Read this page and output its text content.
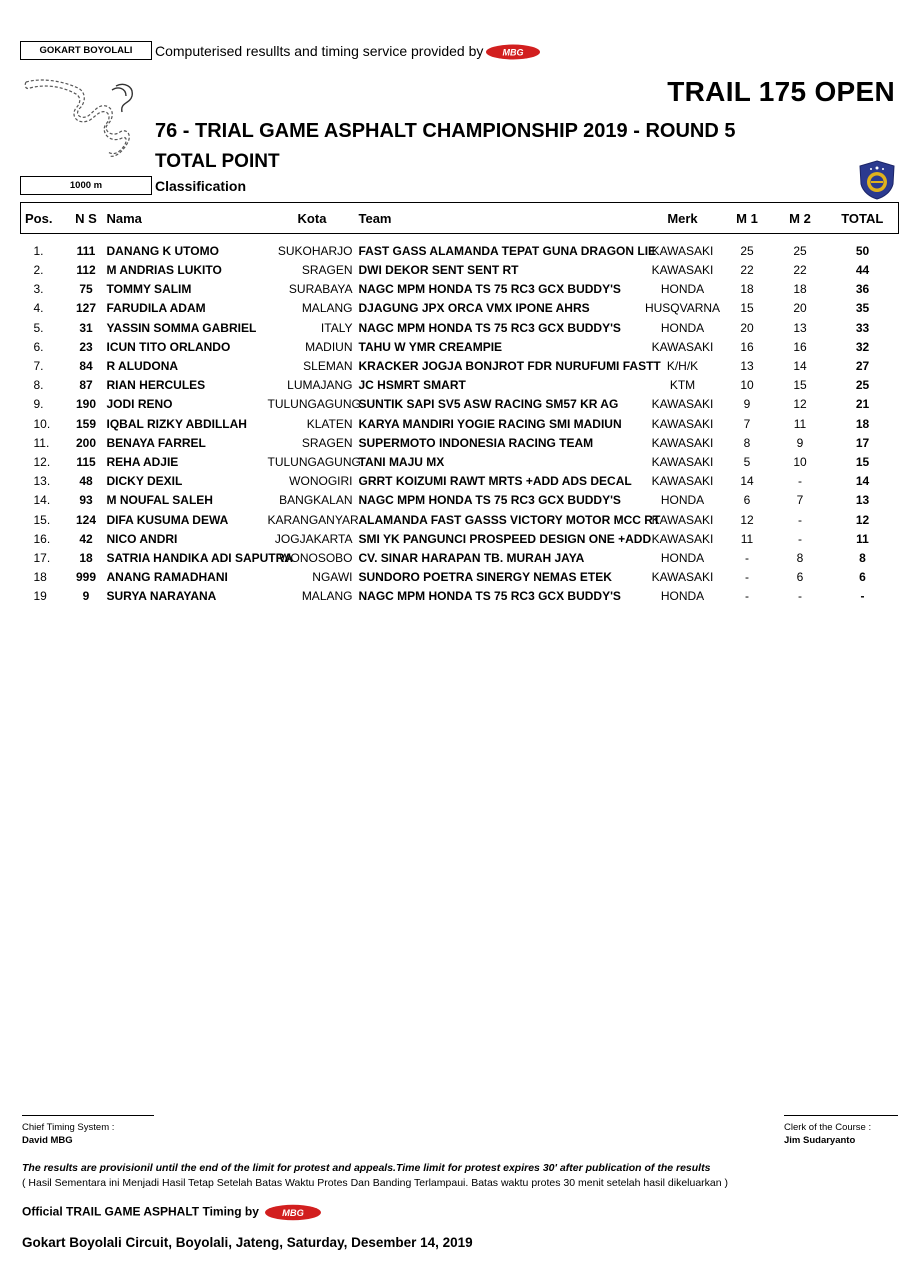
GOKART BOYOLALI	Computerised resullts and timing service provided by MBG
TRAIL 175 OPEN
76 - TRIAL GAME ASPHALT CHAMPIONSHIP 2019 - ROUND 5
TOTAL POINT
1000 m	Classification
Pos.	N S	Nama	Kota	Team	Merk	M 1	M 2	TOTAL
1.	111	DANANG K UTOMO	SUKOHARJO	FAST GASS ALAMANDA TEPAT GUNA DRAGON LIE	KAWASAKI	25	25	50
2.	112	M ANDRIAS LUKITO	SRAGEN	DWI DEKOR SENT SENT RT	KAWASAKI	22	22	44
3.	75	TOMMY SALIM	SURABAYA	NAGC MPM HONDA TS 75 RC3 GCX BUDDY'S	HONDA	18	18	36
4.	127	FARUDILA ADAM	MALANG	DJAGUNG JPX ORCA VMX IPONE AHRS	HUSQVARNA	15	20	35
5.	31	YASSIN SOMMA GABRIEL	ITALY	NAGC MPM HONDA TS 75 RC3 GCX BUDDY'S	HONDA	20	13	33
6.	23	ICUN TITO ORLANDO	MADIUN	TAHU W YMR CREAMPIE	KAWASAKI	16	16	32
7.	84	R ALUDONA	SLEMAN	KRACKER JOGJA BONJROT FDR NURUFUMI FASTT	K/H/K	13	14	27
8.	87	RIAN HERCULES	LUMAJANG	JC HSMRT SMART	KTM	10	15	25
9.	190	JODI RENO	TULUNGAGUNG	SUNTIK SAPI SV5 ASW RACING SM57 KR AG	KAWASAKI	9	12	21
10.	159	IQBAL RIZKY ABDILLAH	KLATEN	KARYA MANDIRI YOGIE RACING SMI MADIUN	KAWASAKI	7	11	18
11.	200	BENAYA FARREL	SRAGEN	SUPERMOTO INDONESIA RACING TEAM	KAWASAKI	8	9	17
12.	115	REHA ADJIE	TULUNGAGUNG	TANI MAJU MX	KAWASAKI	5	10	15
13.	48	DICKY DEXIL	WONOGIRI	GRRT KOIZUMI RAWT MRTS +ADD ADS DECAL	KAWASAKI	14	-	14
14.	93	M NOUFAL SALEH	BANGKALAN	NAGC MPM HONDA TS 75 RC3 GCX BUDDY'S	HONDA	6	7	13
15.	124	DIFA KUSUMA DEWA	KARANGANYAR	ALAMANDA FAST GASSS VICTORY MOTOR MCC RT	KAWASAKI	12	-	12
16.	42	NICO ANDRI	JOGJAKARTA	SMI YK PANGUNCI PROSPEED DESIGN ONE +ADD	KAWASAKI	11	-	11
17.	18	SATRIA HANDIKA ADI SAPUTRA	WONOSOBO	CV. SINAR HARAPAN TB. MURAH JAYA	HONDA	-	8	8
18	999	ANANG RAMADHANI	NGAWI	SUNDORO POETRA SINERGY NEMAS ETEK	KAWASAKI	-	6	6
19	9	SURYA NARAYANA	MALANG	NAGC MPM HONDA TS 75 RC3 GCX BUDDY'S	HONDA	-	-	-
Chief Timing System :
David MBG
Clerk of the Course :
Jim Sudaryanto
The results are provisionil until the end of the limit for protest and appeals.Time limit for protest expires 30' after publication of the results
( Hasil Sementara ini Menjadi Hasil Tetap Setelah Batas Waktu Protes Dan Banding Terlampaui. Batas waktu protes 30 menit setelah hasil dikeluarkan )
Official TRAIL GAME ASPHALT Timing by	MBG
Gokart Boyolali Circuit, Boyolali, Jateng, Saturday, Desember 14, 2019
